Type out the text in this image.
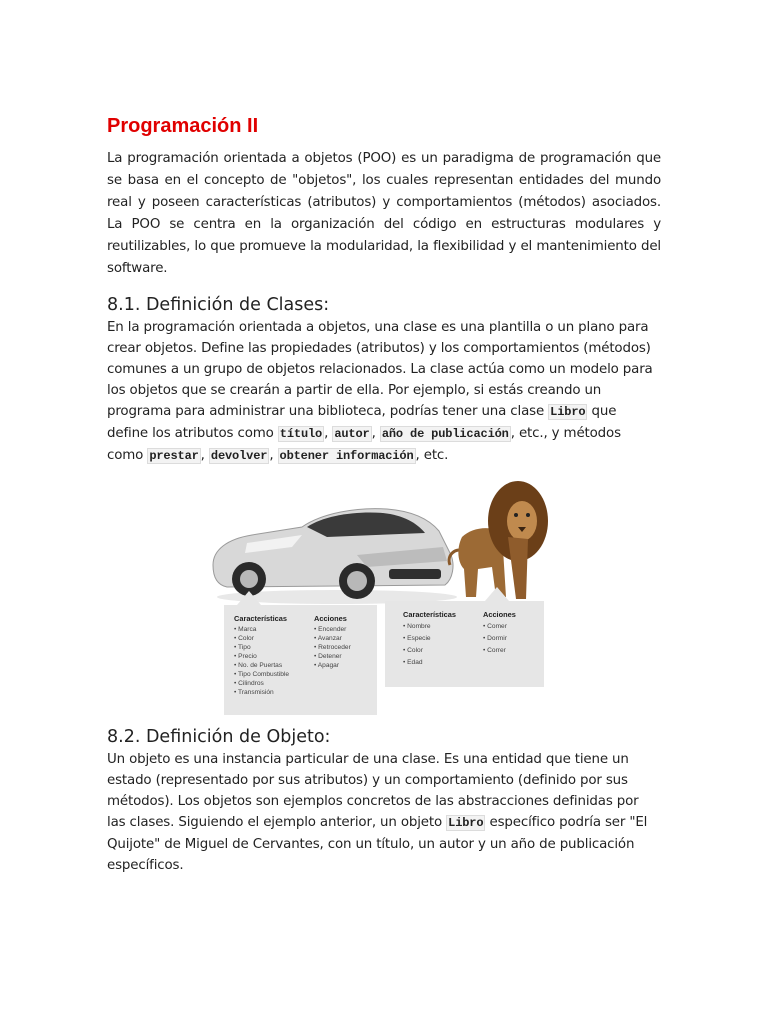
Programación II

La programación orientada a objetos (POO) es un paradigma de programación que se basa en el concepto de "objetos", los cuales representan entidades del mundo real y poseen características (atributos) y comportamientos (métodos) asociados. La POO se centra en la organización del código en estructuras modulares y reutilizables, lo que promueve la modularidad, la flexibilidad y el mantenimiento del software.

8.1. Definición de Clases:

En la programación orientada a objetos, una clase es una plantilla o un plano para crear objetos. Define las propiedades (atributos) y los comportamientos (métodos) comunes a un grupo de objetos relacionados. La clase actúa como un modelo para los objetos que se crearán a partir de ella. Por ejemplo, si estás creando un programa para administrar una biblioteca, podrías tener una clase Libro que define los atributos como título , autor , año de publicación , etc., y métodos como prestar , devolver , obtener información , etc.

Características
• Marca
• Color
• Tipo
• Precio
• No. de Puertas
• Tipo Combustible
• Cilindros
• Transmisión
Acciones
• Encender
• Avanzar
• Retroceder
• Detener
• Apagar
Características
• Nombre
• Especie
• Color
• Edad
Acciones
• Comer
• Dormir
• Correr
8.2. Definición de Objeto:

Un objeto es una instancia particular de una clase. Es una entidad que tiene un estado (representado por sus atributos) y un comportamiento (definido por sus métodos). Los objetos son ejemplos concretos de las abstracciones definidas por las clases. Siguiendo el ejemplo anterior, un objeto Libro específico podría ser "El Quijote" de Miguel de Cervantes, con un título, un autor y un año de publicación específicos.
